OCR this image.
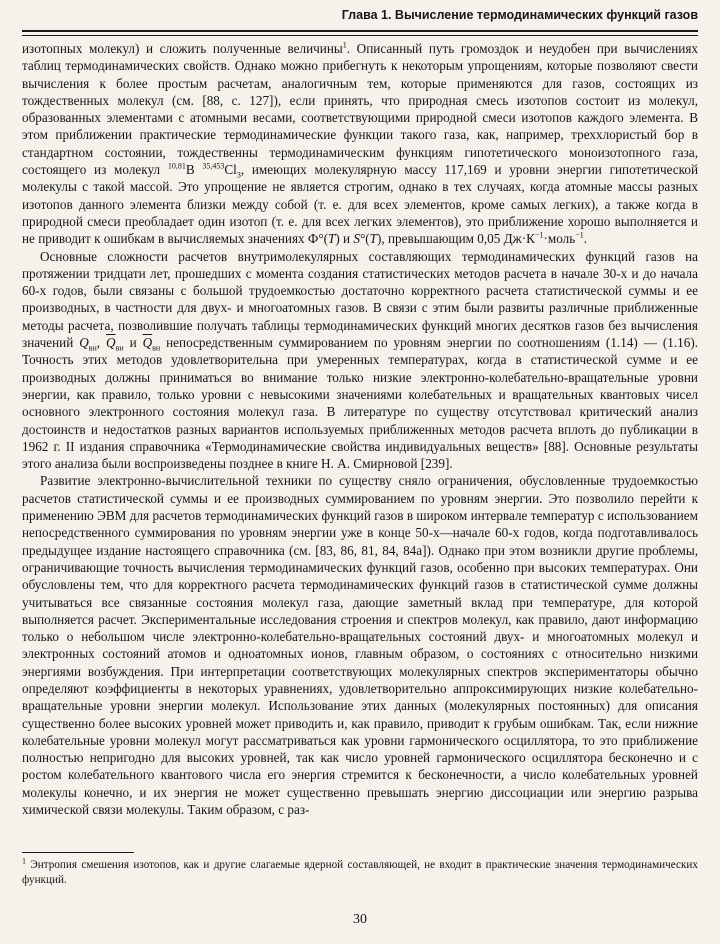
Глава 1. Вычисление термодинамических функций газов

изотопных молекул) и сложить полученные величины$^1$. Описанный путь громоздок и неудобен при вычислениях таблиц термодинамических свойств. Однако можно прибегнуть к некоторым упрощениям, которые позволяют свести вычисления к более простым расчетам, аналогичным тем, которые применяются для газов, состоящих из тождественных молекул (см. [88, с. 127]), если принять, что природная смесь изотопов состоит из молекул, образованных элементами с атомными весами, соответствующими природной смеси изотопов каждого элемента. В этом приближении практические термодинамические функции такого газа, как, например, треххлористый бор в стандартном состоянии, тождественны термодинамическим функциям гипотетического моноизотопного газа, состоящего из молекул $^{10,81}$B $^{35,453}Cl_3$, имеющих молекулярную массу 117,169 и уровни энергии гипотетической молекулы с такой массой. Это упрощение не является строгим, однако в тех случаях, когда атомные массы разных изотопов данного элемента близки между собой (т. е. для всех элементов, кроме самых легких), а также когда в природной смеси преобладает один изотоп (т. е. для всех легких элементов), это приближение хорошо выполняется и не приводит к ошибкам в вычисляемых значениях Ф°(T) и S°(T), превышающим 0,05 $Дж\cdot К^{-1}\cdot моль^{-1}$.

Основные сложности расчетов внутримолекулярных составляющих термодинамических функций газов на протяжении тридцати лет, прошедших с момента создания статистических методов расчета в начале 30-х и до начала 60-х годов, были связаны с большой трудоемкостью достаточно корректного расчета статистической суммы и ее производных, в частности для двух- и многоатомных газов. В связи с этим были развиты различные приближенные методы расчета, позволившие получать таблицы термодинамических функций многих десятков газов без вычисления значений $Q_{вн}$, $\overline{Q}_{вн}$ и $\overline{Q}_{вн}$ непосредственным суммированием по уровням энергии по соотношениям (1.14) — (1.16). Точность этих методов удовлетворительна при умеренных температурах, когда в статистической сумме и ее производных должны приниматься во внимание только низкие электронно-колебательно-вращательные уровни энергии, как правило, только уровни с невысокими значениями колебательных и вращательных квантовых чисел основного электронного состояния молекул газа. В литературе по существу отсутствовал критический анализ достоинств и недостатков разных вариантов используемых приближенных методов расчета вплоть до публикации в 1962 г. II издания справочника «Термодинамические свойства индивидуальных веществ» [88]. Основные результаты этого анализа были воспроизведены позднее в книге Н. А. Смирновой [239].

Развитие электронно-вычислительной техники по существу сняло ограничения, обусловленные трудоемкостью расчетов статистической суммы и ее производных суммированием по уровням энергии. Это позволило перейти к применению ЭВМ для расчетов термодинамических функций газов в широком интервале температур с использованием непосредственного суммирования по уровням энергии уже в конце 50-х—начале 60-х годов, когда подготавливалось предыдущее издание настоящего справочника (см. [83, 86, 81, 84, 84а]). Однако при этом возникли другие проблемы, ограничивающие точность вычисления термодинамических функций газов, особенно при высоких температурах. Они обусловлены тем, что для корректного расчета термодинамических функций газов в статистической сумме должны учитываться все связанные состояния молекул газа, дающие заметный вклад при температуре, для которой выполняется расчет. Экспериментальные исследования строения и спектров молекул, как правило, дают информацию только о небольшом числе электронно-колебательно-вращательных состояний двух- и многоатомных молекул и электронных состояний атомов и одноатомных ионов, главным образом, о состояниях с относительно низкими энергиями возбуждения. При интерпретации соответствующих молекулярных спектров экспериментаторы обычно определяют коэффициенты в некоторых уравнениях, удовлетворительно аппроксимирующих низкие колебательно-вращательные уровни энергии молекул. Использование этих данных (молекулярных постоянных) для описания существенно более высоких уровней может приводить и, как правило, приводит к грубым ошибкам. Так, если нижние колебательные уровни молекул могут рассматриваться как уровни гармонического осциллятора, то это приближение полностью непригодно для высоких уровней, так как число уровней гармонического осциллятора бесконечно и с ростом колебательного квантового числа его энергия стремится к бесконечности, а число колебательных уровней молекулы конечно, и их энергия не может существенно превышать энергию диссоциации или энергию разрыва химической связи молекулы. Таким образом, с раз-

$^1$ Энтропия смешения изотопов, как и другие слагаемые ядерной составляющей, не входит в практические значения термодинамических функций.
30
